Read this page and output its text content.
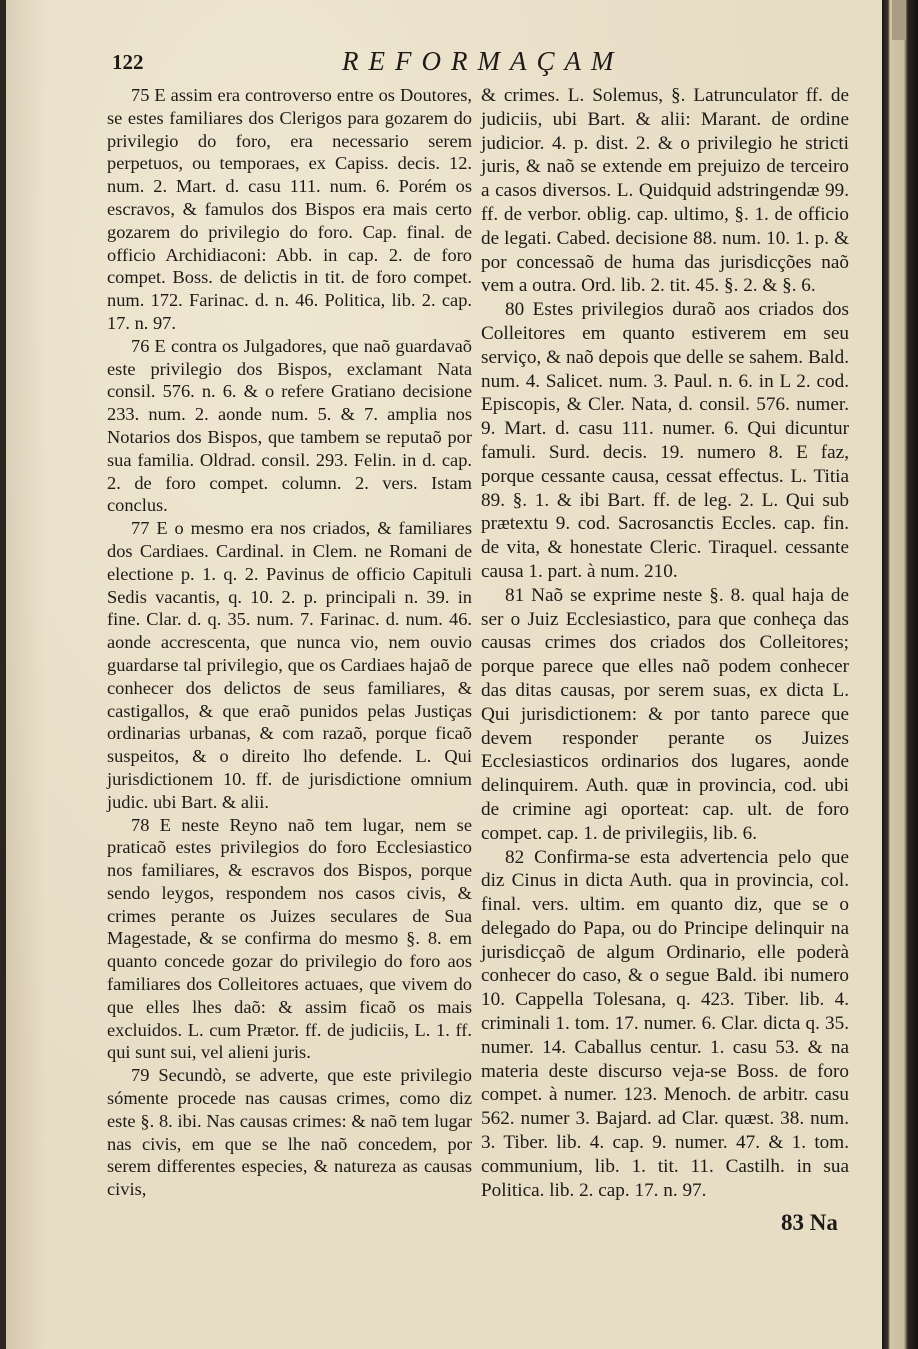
122	REFORMAÇAM

75 E assim era controverso entre os Doutores, se estes familiares dos Clerigos para gozarem do privilegio do foro, era necessario serem perpetuos, ou temporaes, ex Capiss. decis. 12. num. 2. Mart. d. casu 111. num. 6. Porém os escravos, & famulos dos Bispos era mais certo gozarem do privilegio do foro. Cap. final. de officio Archidiaconi: Abb. in cap. 2. de foro compet. Boss. de delictis in tit. de foro compet. num. 172. Farinac. d. n. 46. Politica, lib. 2. cap. 17. n. 97.

76 E contra os Julgadores, que naõ guardavaõ este privilegio dos Bispos, exclamant Nata consil. 576. n. 6. & o refere Gratiano decisione 233. num. 2. aonde num. 5. & 7. amplia nos Notarios dos Bispos, que tambem se reputaõ por sua familia. Oldrad. consil. 293. Felin. in d. cap. 2. de foro compet. column. 2. vers. Istam conclus.

77 E o mesmo era nos criados, & familiares dos Cardiaes. Cardinal. in Clem. ne Romani de electione p. 1. q. 2. Pavinus de officio Capituli Sedis vacantis, q. 10. 2. p. principali n. 39. in fine. Clar. d. q. 35. num. 7. Farinac. d. num. 46. aonde accrescenta, que nunca vio, nem ouvio guardarse tal privilegio, que os Cardiaes hajaõ de conhecer dos delictos de seus familiares, & castigallos, & que eraõ punidos pelas Justiças ordinarias urbanas, & com razaõ, porque ficaõ suspeitos, & o direito lho defende. L. Qui jurisdictionem 10. ff. de jurisdictione omnium judic. ubi Bart. & alii.

78 E neste Reyno naõ tem lugar, nem se praticaõ estes privilegios do foro Ecclesiastico nos familiares, & escravos dos Bispos, porque sendo leygos, respondem nos casos civis, & crimes perante os Juizes seculares de Sua Magestade, & se confirma do mesmo §. 8. em quanto concede gozar do privilegio do foro aos familiares dos Colleitores actuaes, que vivem do que elles lhes daõ: & assim ficaõ os mais excluidos. L. cum Prætor. ff. de judiciis, L. 1. ff. qui sunt sui, vel alieni juris.

79 Secundò, se adverte, que este privilegio sómente procede nas causas crimes, como diz este §. 8. ibi. Nas causas crimes: & naõ tem lugar nas civis, em que se lhe naõ concedem, por serem differentes especies, & natureza as causas civis,

& crimes. L. Solemus, §. Latrunculator ff. de judiciis, ubi Bart. & alii: Marant. de ordine judicior. 4. p. dist. 2. & o privilegio he stricti juris, & naõ se extende em prejuizo de terceiro a casos diversos. L. Quidquid adstringendæ 99. ff. de verbor. oblig. cap. ultimo, §. 1. de officio de legati. Cabed. decisione 88. num. 10. 1. p. & por concessaõ de huma das jurisdicções naõ vem a outra. Ord. lib. 2. tit. 45. §. 2. & §. 6.

80 Estes privilegios duraõ aos criados dos Colleitores em quanto estiverem em seu serviço, & naõ depois que delle se sahem. Bald. num. 4. Salicet. num. 3. Paul. n. 6. in L 2. cod. Episcopis, & Cler. Nata, d. consil. 576. numer. 9. Mart. d. casu 111. numer. 6. Qui dicuntur famuli. Surd. decis. 19. numero 8. E faz, porque cessante causa, cessat effectus. L. Titia 89. §. 1. & ibi Bart. ff. de leg. 2. L. Qui sub prætextu 9. cod. Sacrosanctis Eccles. cap. fin. de vita, & honestate Cleric. Tiraquel. cessante causa 1. part. à num. 210.

81 Naõ se exprime neste §. 8. qual haja de ser o Juiz Ecclesiastico, para que conheça das causas crimes dos criados dos Colleitores; porque parece que elles naõ podem conhecer das ditas causas, por serem suas, ex dicta L. Qui jurisdictionem: & por tanto parece que devem responder perante os Juizes Ecclesiasticos ordinarios dos lugares, aonde delinquirem. Auth. quæ in provincia, cod. ubi de crimine agi oporteat: cap. ult. de foro compet. cap. 1. de privilegiis, lib. 6.

82 Confirma-se esta advertencia pelo que diz Cinus in dicta Auth. qua in provincia, col. final. vers. ultim. em quanto diz, que se o delegado do Papa, ou do Principe delinquir na jurisdicçaõ de algum Ordinario, elle poderà conhecer do caso, & o segue Bald. ibi numero 10. Cappella Tolesana, q. 423. Tiber. lib. 4. criminali 1. tom. 17. numer. 6. Clar. dicta q. 35. numer. 14. Caballus centur. 1. casu 53. & na materia deste discurso veja-se Boss. de foro compet. à numer. 123. Menoch. de arbitr. casu 562. numer 3. Bajard. ad Clar. quæst. 38. num. 3. Tiber. lib. 4. cap. 9. numer. 47. & 1. tom. communium, lib. 1. tit. 11. Castilh. in sua Politica. lib. 2. cap. 17. n. 97.

83 Na
